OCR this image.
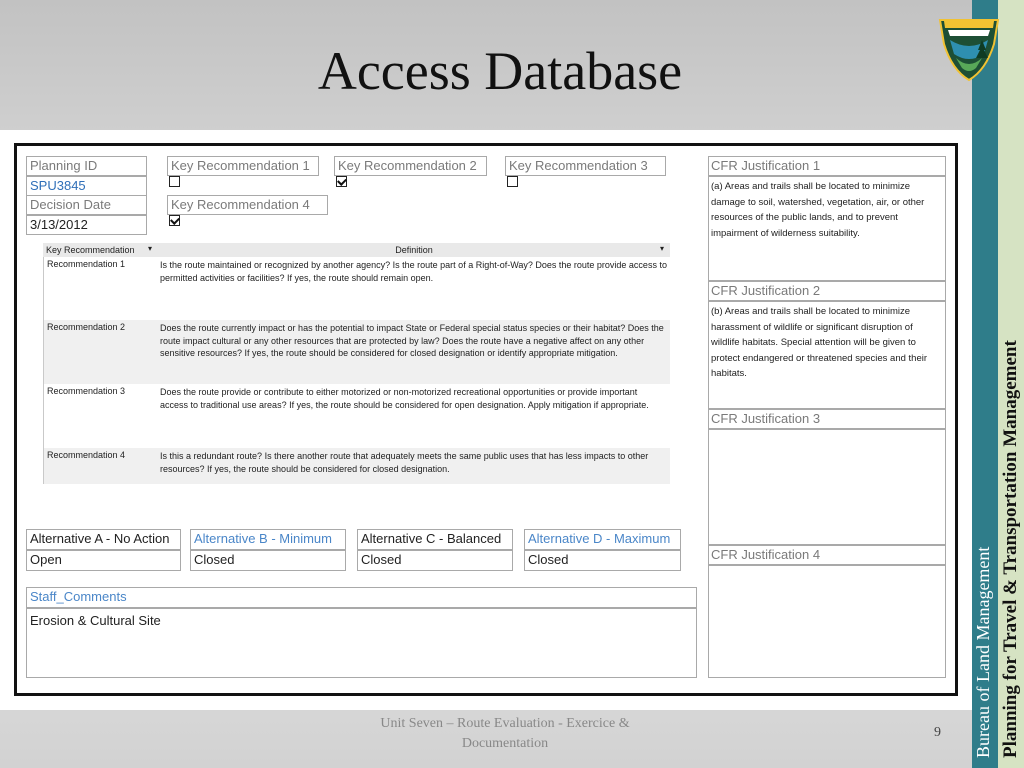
Access Database
Planning ID
SPU3845
Decision Date
3/13/2012
Key Recommendation 1	Key Recommendation 2	Key Recommendation 3
Key Recommendation 4
Key Recommendation ▾	Definition	▾
Recommendation 1	Is the route maintained or recognized by another agency? Is the route part of a Right-of-Way? Does the route provide access to permitted activities or facilities? If yes, the route should remain open.
Recommendation 2	Does the route currently impact or has the potential to impact State or Federal special status species or their habitat? Does the route impact cultural or any other resources that are protected by law? Does the route have a negative affect on any other sensitive resources? If yes, the route should be considered for closed designation or identify appropriate mitigation.
Recommendation 3	Does the route provide or contribute to either motorized or non-motorized recreational opportunities or provide important access to traditional use areas? If yes, the route should be considered for open designation. Apply mitigation if appropriate.
Recommendation 4	Is this a redundant route? Is there another route that adequately meets the same public uses that has less impacts to other resources? If yes, the route should be considered for closed designation.
Alternative A - No Action
Open
Alternative B - Minimum
Closed
Alternative C - Balanced
Closed
Alternative D - Maximum
Closed
Staff_Comments
Erosion & Cultural Site
CFR Justification 1
(a) Areas and trails shall be located to minimize damage to soil, watershed, vegetation, air, or other resources of the public lands, and to prevent impairment of wilderness suitability.
CFR Justification 2
(b) Areas and trails shall be located to minimize harassment of wildlife or significant disruption of wildlife habitats. Special attention will be given to protect endangered or threatened species and their habitats.
CFR Justification 3
CFR Justification 4
Unit Seven – Route Evaluation - Exercice & Documentation
9 Bureau of Land Management Planning for Travel & Transportation Management
